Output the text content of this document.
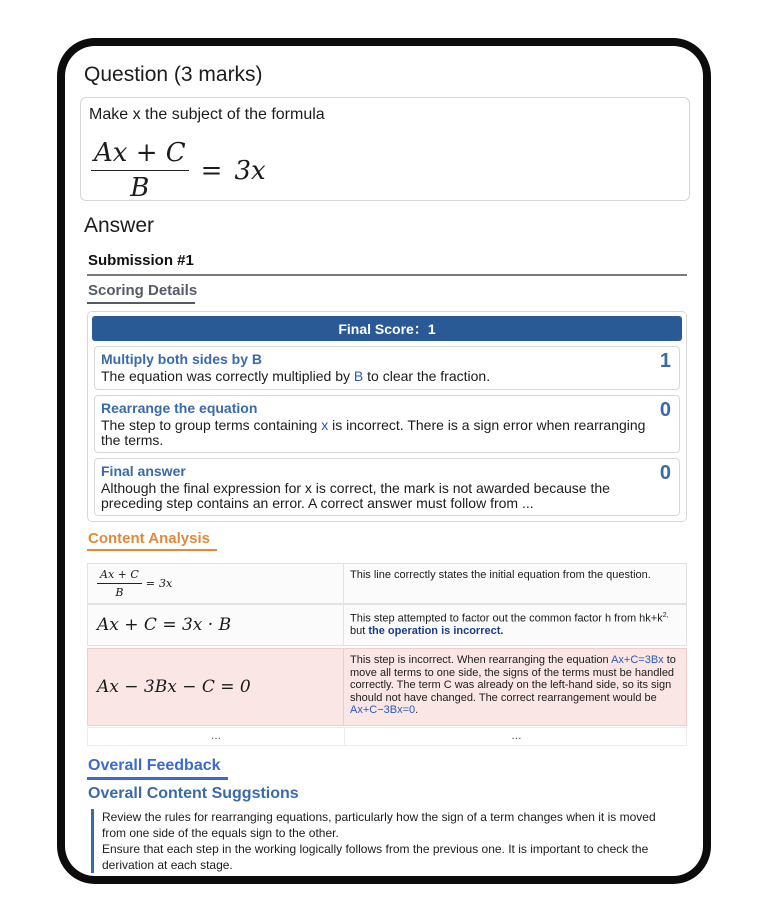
Question (3 marks)
Make x the subject of the formula
$\frac{Ax + C}{B} = 3x$
Answer
Submission #1
Scoring Details
Final Score：1
Multiply both sides by B
The equation was correctly multiplied by B to clear the fraction.
1
Rearrange the equation
The step to group terms containing x is incorrect. There is a sign error when rearranging the terms.
0
Final answer
Although the final expression for x is correct, the mark is not awarded because the preceding step contains an error. A correct answer must follow from ...
0
Content Analysis
$\frac{Ax + C}{B} = 3x$
This line correctly states the initial equation from the question.
Ax + C = 3x · B	This step attempted to factor out the common factor h from $hk+k^{2,}$ but the operation is incorrect.
Ax − 3Bx − C = 0
This step is incorrect. When rearranging the equation Ax+C=3Bx to move all terms to one side, the signs of the terms must be handled correctly. The term C was already on the left-hand side, so its sign should not have changed. The correct rearrangement would be Ax+C−3Bx=0.
...	...
Overall Feedback
Overall Content Suggstions
Review the rules for rearranging equations, particularly how the sign of a term changes when it is moved from one side of the equals sign to the other.
Ensure that each step in the working logically follows from the previous one. It is important to check the derivation at each stage.
